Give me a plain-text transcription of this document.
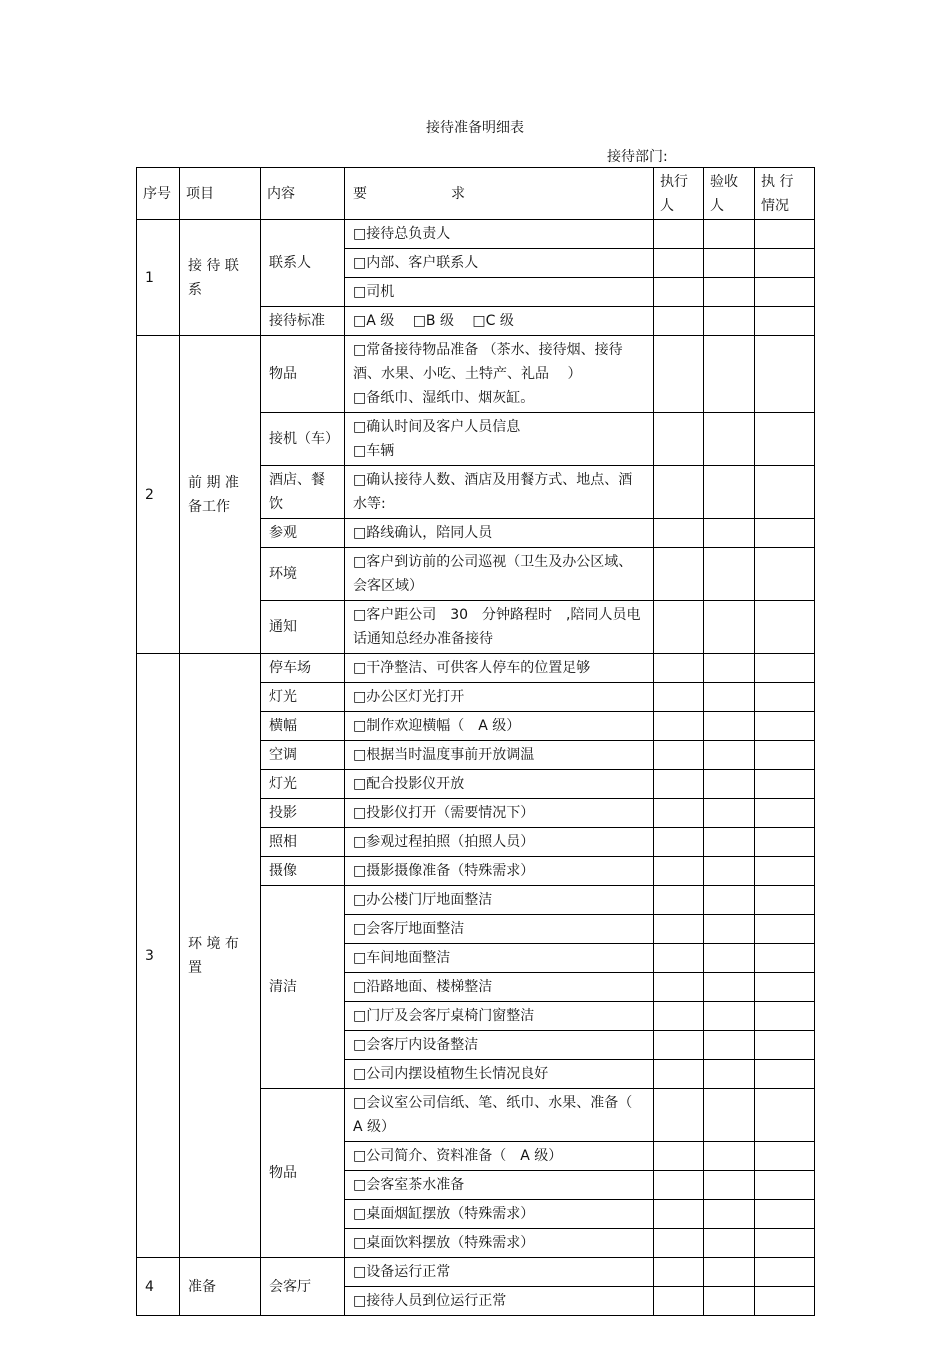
接待准备明细表
接待部门:
序号	项目	内容	要 求	执行人	验收人	执 行 情况
1	接 待 联 系	联系人	□接待总负责人			
			□内部、客户联系人			
			□司机			
		接待标准	□A 级　 □B 级　 □C 级			
2	前 期 准 备工作	物品	□常备接待物品准备 （茶水、接待烟、接待酒、水果、小吃、土特产、礼品　 ）
□备纸巾、湿纸巾、烟灰缸。			
		接机（车）	□确认时间及客户人员信息
□车辆			
		酒店、餐饮	□确认接待人数、酒店及用餐方式、地点、酒水等:			
		参观	□路线确认，陪同人员			
		环境	□客户到访前的公司巡视（卫生及办公区域、会客区域）			
		通知	□客户距公司　30　分钟路程时　,陪同人员电话通知总经办准备接待			
3	环 境 布 置	停车场	□干净整洁、可供客人停车的位置足够			
		灯光	□办公区灯光打开			
		横幅	□制作欢迎横幅（　A 级）			
		空调	□根据当时温度事前开放调温			
		灯光	□配合投影仪开放			
		投影	□投影仪打开（需要情况下）			
		照相	□参观过程拍照（拍照人员）			
		摄像	□摄影摄像准备（特殊需求）			
		清洁	□办公楼门厅地面整洁			
			□会客厅地面整洁			
			□车间地面整洁			
			□沿路地面、楼梯整洁			
			□门厅及会客厅桌椅门窗整洁			
			□会客厅内设备整洁			
			□公司内摆设植物生长情况良好			
		物品	□会议室公司信纸、笔、纸巾、水果、准备（ A 级）			
			□公司简介、资料准备（　A 级）			
			□会客室茶水准备			
			□桌面烟缸摆放（特殊需求）			
			□桌面饮料摆放（特殊需求）			
4	准备	会客厅	□设备运行正常			
			□接待人员到位运行正常			
